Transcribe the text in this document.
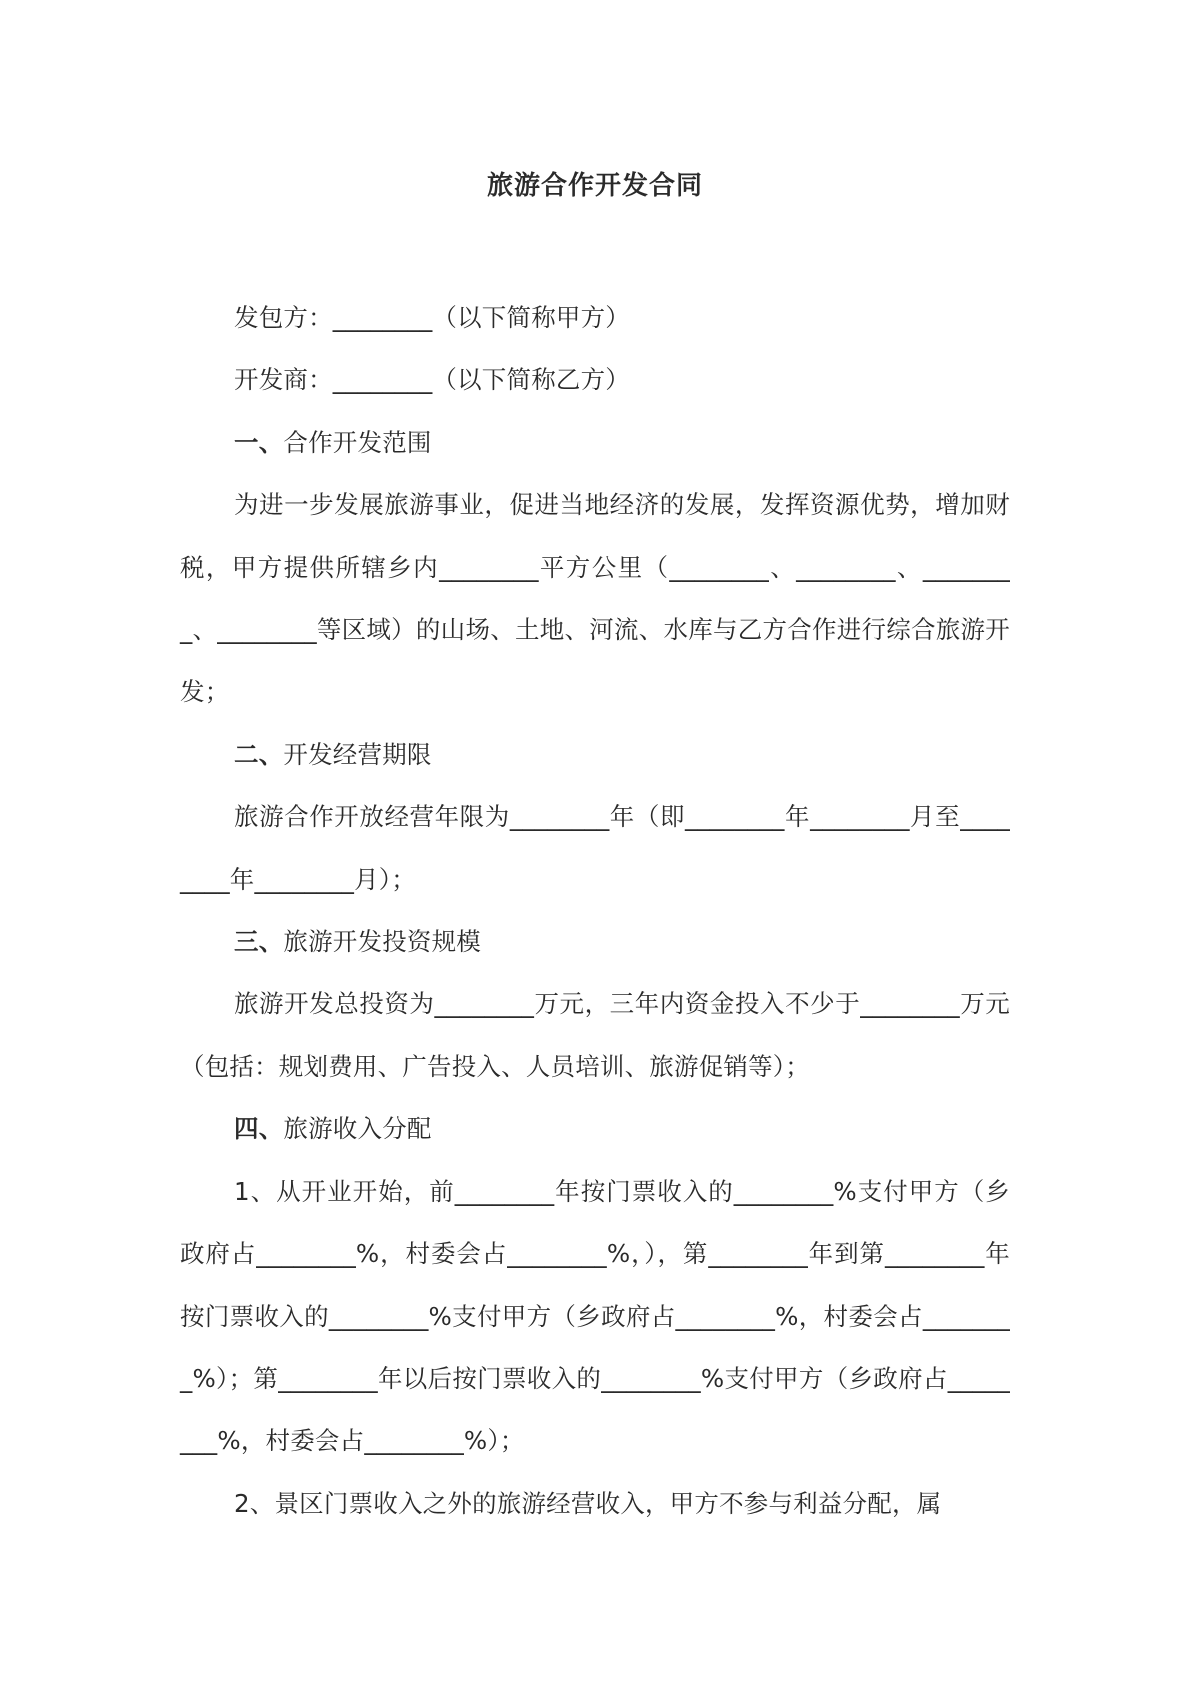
旅游合作开发合同

发包方：________（以下简称甲方）

开发商：________（以下简称乙方）

一、合作开发范围

为进一步发展旅游事业，促进当地经济的发展，发挥资源优势，增加财税，甲方提供所辖乡内________平方公里（________、________、________、________等区域）的山场、土地、河流、水库与乙方合作进行综合旅游开发；

二、开发经营期限

旅游合作开放经营年限为________年（即________年________月至________年________月）；

三、旅游开发投资规模

旅游开发总投资为________万元，三年内资金投入不少于________万元（包括：规划费用、广告投入、人员培训、旅游促销等）；

四、旅游收入分配

1、从开业开始，前________年按门票收入的________%支付甲方（乡政府占________%，村委会占________%，），第________年到第________年按门票收入的________%支付甲方（乡政府占________%，村委会占________%）；第________年以后按门票收入的________%支付甲方（乡政府占________%，村委会占________%）；

2、景区门票收入之外的旅游经营收入，甲方不参与利益分配，属
